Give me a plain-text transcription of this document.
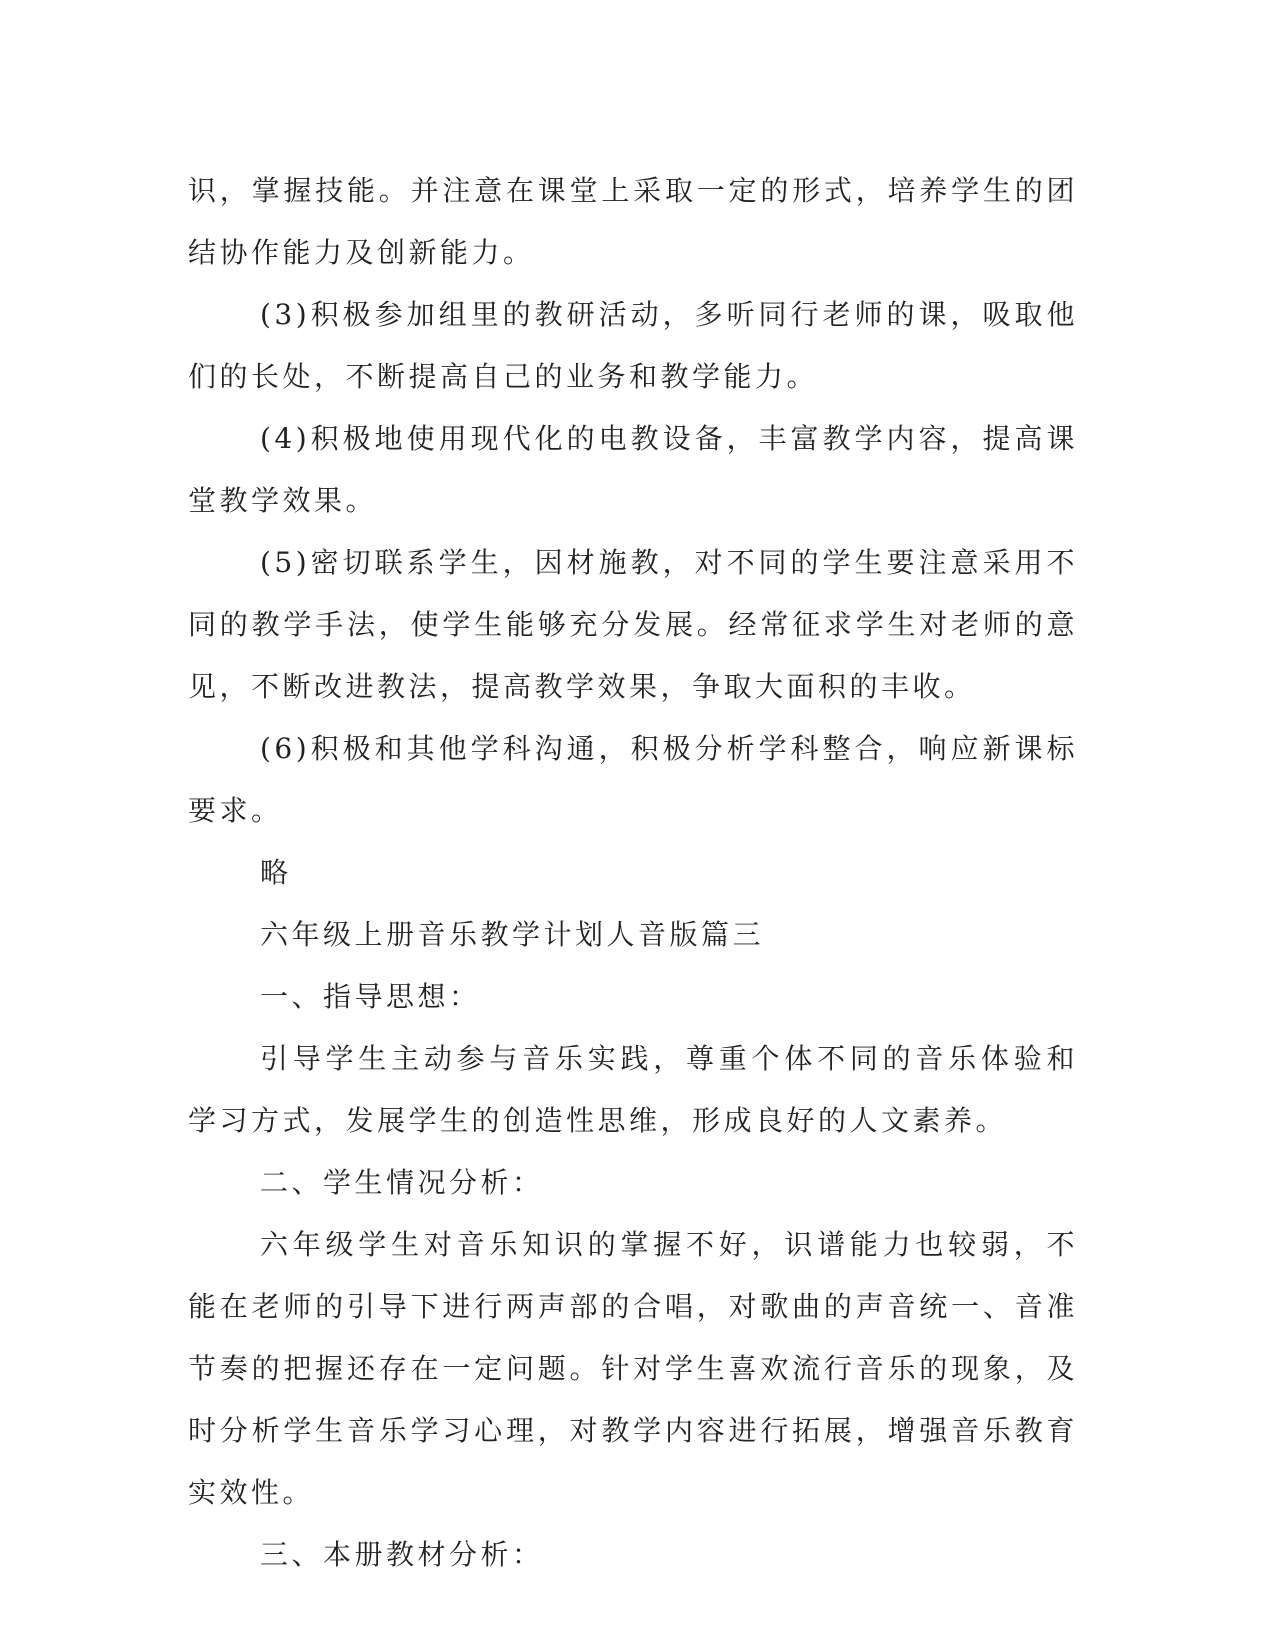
识，掌握技能。并注意在课堂上采取一定的形式，培养学生的团结协作能力及创新能力。

(3)积极参加组里的教研活动，多听同行老师的课，吸取他们的长处，不断提高自己的业务和教学能力。

(4)积极地使用现代化的电教设备，丰富教学内容，提高课堂教学效果。

(5)密切联系学生，因材施教，对不同的学生要注意采用不同的教学手法，使学生能够充分发展。经常征求学生对老师的意见，不断改进教法，提高教学效果，争取大面积的丰收。

(6)积极和其他学科沟通，积极分析学科整合，响应新课标要求。

略

六年级上册音乐教学计划人音版篇三

一、指导思想：

引导学生主动参与音乐实践，尊重个体不同的音乐体验和学习方式，发展学生的创造性思维，形成良好的人文素养。

二、学生情况分析：

六年级学生对音乐知识的掌握不好，识谱能力也较弱，不能在老师的引导下进行两声部的合唱，对歌曲的声音统一、音准节奏的把握还存在一定问题。针对学生喜欢流行音乐的现象，及时分析学生音乐学习心理，对教学内容进行拓展，增强音乐教育实效性。

三、本册教材分析：
